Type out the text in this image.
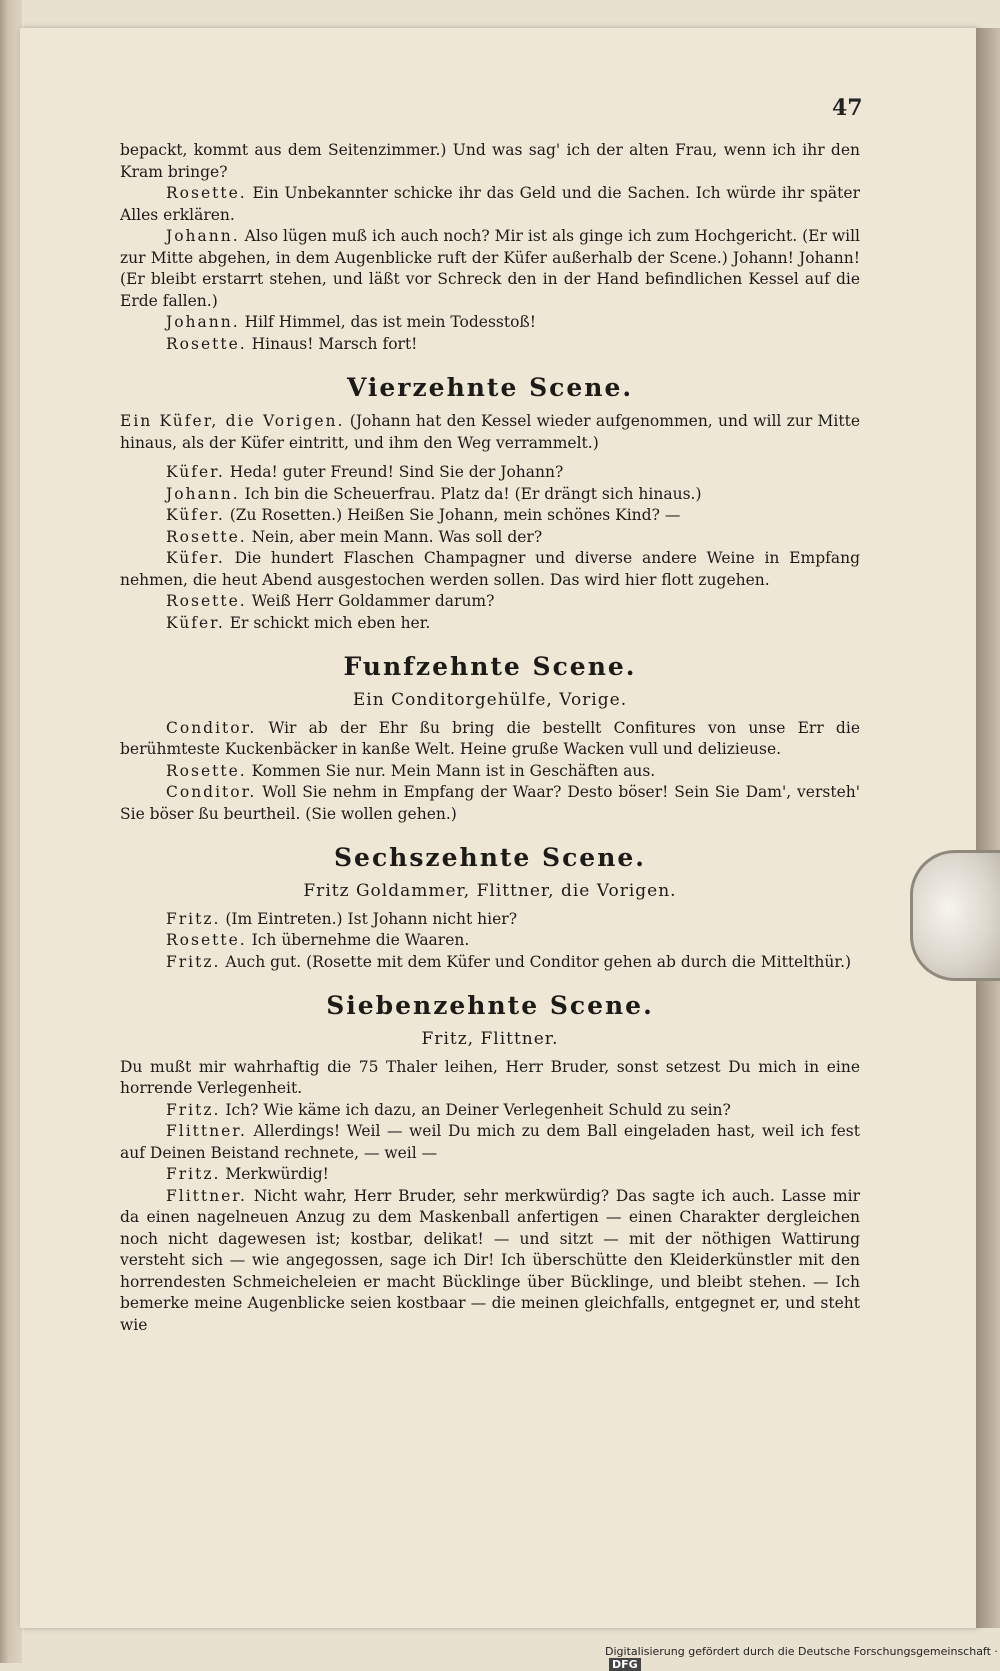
47

bepackt, kommt aus dem Seitenzimmer.) Und was sag' ich der alten Frau, wenn ich ihr den Kram bringe?

Rosette. Ein Unbekannter schicke ihr das Geld und die Sachen. Ich würde ihr später Alles erklären.

Johann. Also lügen muß ich auch noch? Mir ist als ginge ich zum Hochgericht. (Er will zur Mitte abgehen, in dem Augenblicke ruft der Küfer außerhalb der Scene.) Johann! Johann! (Er bleibt erstarrt stehen, und läßt vor Schreck den in der Hand befindlichen Kessel auf die Erde fallen.)

Johann. Hilf Himmel, das ist mein Todesstoß!

Rosette. Hinaus! Marsch fort!

Vierzehnte Scene.

Ein Küfer, die Vorigen. (Johann hat den Kessel wieder aufgenommen, und will zur Mitte hinaus, als der Küfer eintritt, und ihm den Weg verrammelt.)

Küfer. Heda! guter Freund! Sind Sie der Johann?

Johann. Ich bin die Scheuerfrau. Platz da! (Er drängt sich hinaus.)

Küfer. (Zu Rosetten.) Heißen Sie Johann, mein schönes Kind? —

Rosette. Nein, aber mein Mann. Was soll der?

Küfer. Die hundert Flaschen Champagner und diverse andere Weine in Empfang nehmen, die heut Abend ausgestochen werden sollen. Das wird hier flott zugehen.

Rosette. Weiß Herr Goldammer darum?

Küfer. Er schickt mich eben her.

Funfzehnte Scene.

Ein Conditorgehülfe, Vorige.

Conditor. Wir ab der Ehr ßu bring die bestellt Confitures von unse Err die berühmteste Kuckenbäcker in kanße Welt. Heine gruße Wacken vull und delizieuse.

Rosette. Kommen Sie nur. Mein Mann ist in Geschäften aus.

Conditor. Woll Sie nehm in Empfang der Waar? Desto böser! Sein Sie Dam', versteh' Sie böser ßu beurtheil. (Sie wollen gehen.)

Sechszehnte Scene.

Fritz Goldammer, Flittner, die Vorigen.

Fritz. (Im Eintreten.) Ist Johann nicht hier?

Rosette. Ich übernehme die Waaren.

Fritz. Auch gut. (Rosette mit dem Küfer und Conditor gehen ab durch die Mittelthür.)

Siebenzehnte Scene.

Fritz, Flittner.

Du mußt mir wahrhaftig die 75 Thaler leihen, Herr Bruder, sonst setzest Du mich in eine horrende Verlegenheit.

Fritz. Ich? Wie käme ich dazu, an Deiner Verlegenheit Schuld zu sein?

Flittner. Allerdings! Weil — weil Du mich zu dem Ball eingeladen hast, weil ich fest auf Deinen Beistand rechnete, — weil —

Fritz. Merkwürdig!

Flittner. Nicht wahr, Herr Bruder, sehr merkwürdig? Das sagte ich auch. Lasse mir da einen nagelneuen Anzug zu dem Maskenball anfertigen — einen Charakter dergleichen noch nicht dagewesen ist; kostbar, delikat! — und sitzt — mit der nöthigen Wattirung versteht sich — wie angegossen, sage ich Dir! Ich überschütte den Kleiderkünstler mit den horrendesten Schmeicheleien er macht Bücklinge über Bücklinge, und bleibt stehen. — Ich bemerke meine Augenblicke seien kostbaar — die meinen gleichfalls, entgegnet er, und steht wie

Digitalisierung gefördert durch die Deutsche Forschungsgemeinschaft ·DFG
